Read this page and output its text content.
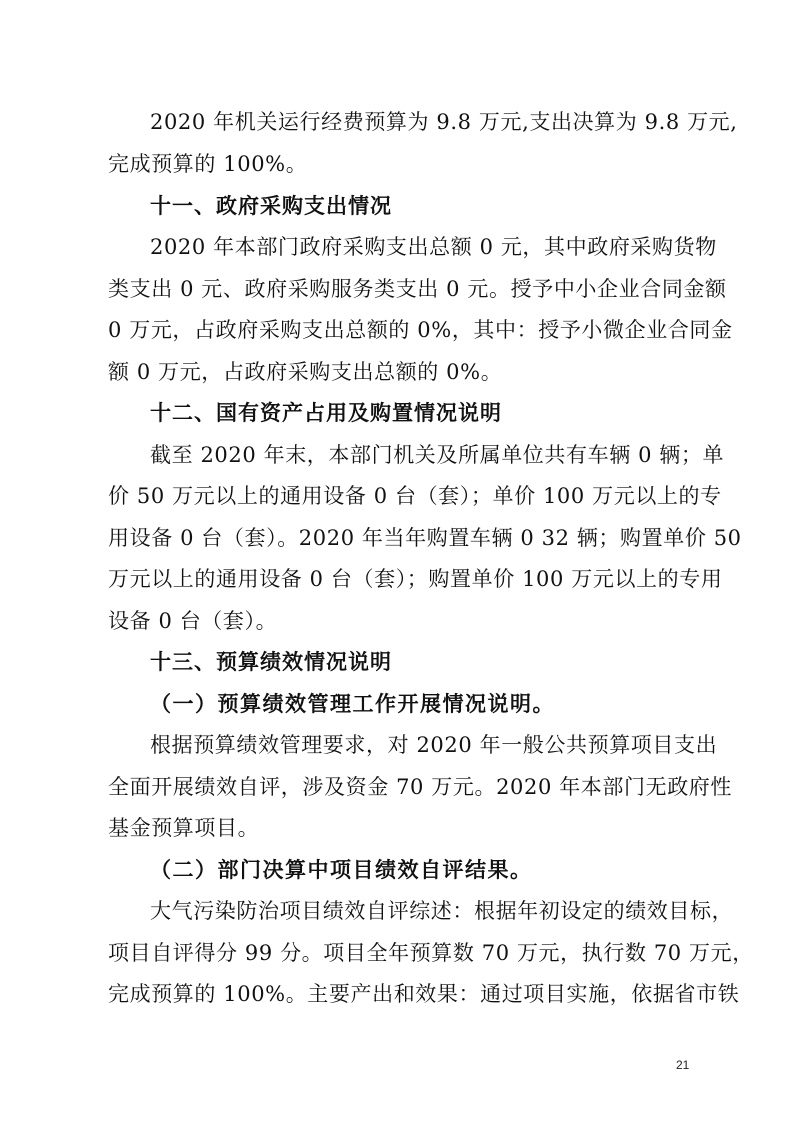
2020 年机关运行经费预算为 9.8 万元,支出决算为 9.8 万元,
完成预算的 100%。
十一、政府采购支出情况
2020 年本部门政府采购支出总额 0 元，其中政府采购货物
类支出 0 元、政府采购服务类支出 0 元。授予中小企业合同金额
0 万元，占政府采购支出总额的 0%，其中：授予小微企业合同金
额 0 万元，占政府采购支出总额的 0%。
十二、国有资产占用及购置情况说明
截至 2020 年末，本部门机关及所属单位共有车辆 0 辆；单
价 50 万元以上的通用设备 0 台（套）；单价 100 万元以上的专
用设备 0 台（套）。2020 年当年购置车辆 0 32 辆；购置单价 50
万元以上的通用设备 0 台（套）；购置单价 100 万元以上的专用
设备 0 台（套）。
十三、预算绩效情况说明
（一）预算绩效管理工作开展情况说明。
根据预算绩效管理要求，对 2020 年一般公共预算项目支出
全面开展绩效自评，涉及资金 70 万元。2020 年本部门无政府性
基金预算项目。
（二）部门决算中项目绩效自评结果。
大气污染防治项目绩效自评综述：根据年初设定的绩效目标，
项目自评得分 99 分。项目全年预算数 70 万元，执行数 70 万元，
完成预算的 100%。主要产出和效果：通过项目实施，依据省市铁
21
